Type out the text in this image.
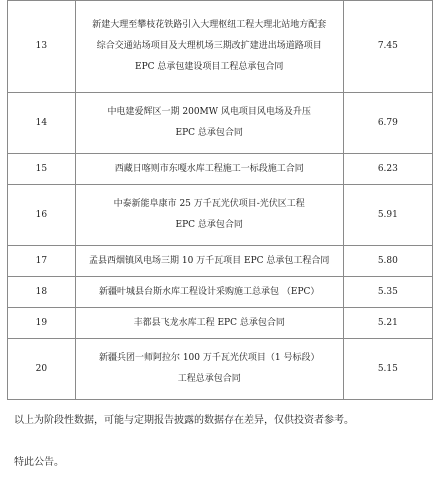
13	新建大理至攀枝花铁路引入大理枢纽工程大理北站地方配套
综合交通站场项目及大理机场三期改扩建进出场道路项目
EPC 总承包建设项目工程总承包合同	7.45
14	中电建爱辉区一期 200MW 风电项目风电场及升压
EPC 总承包合同	6.79
15	西藏日喀则市东嘎水库工程施工一标段施工合同	6.23
16	中泰新能阜康市 25 万千瓦光伏项目-光伏区工程
EPC 总承包合同	5.91
17	孟县西烟镇风电场三期 10 万千瓦项目 EPC 总承包工程合同	5.80
18	新疆叶城县台斯水库工程设计采购施工总承包 （EPC）	5.35
19	丰都县飞龙水库工程 EPC 总承包合同	5.21
20	新疆兵团一师阿拉尔 100 万千瓦光伏项目（1 号标段）
工程总承包合同	5.15
以上为阶段性数据，可能与定期报告披露的数据存在差异，仅供投资者参考。
特此公告。
